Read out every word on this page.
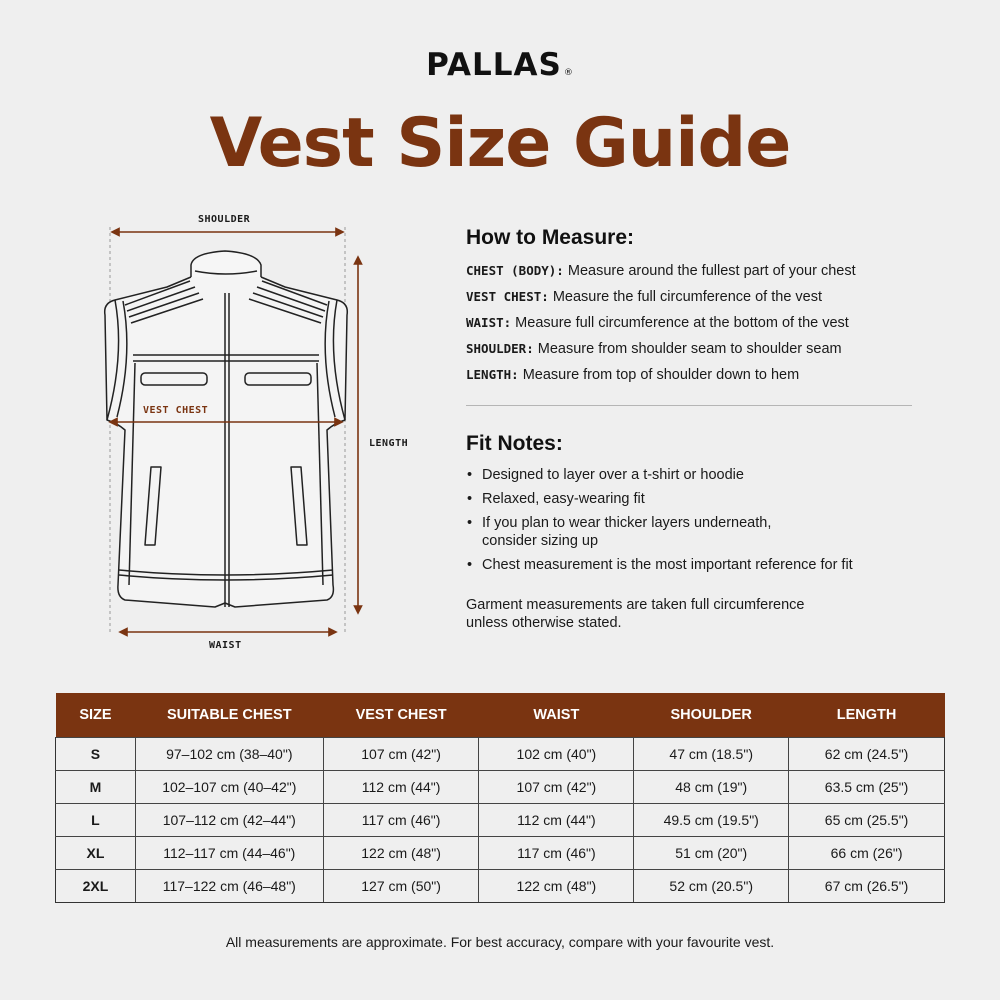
PALLAS ®
Vest Size Guide
SHOULDER
VEST CHEST
LENGTH
WAIST
How to Measure:
CHEST (BODY): Measure around the fullest part of your chest
VEST CHEST: Measure the full circumference of the vest
WAIST: Measure full circumference at the bottom of the vest
SHOULDER: Measure from shoulder seam to shoulder seam
LENGTH: Measure from top of shoulder down to hem
Fit Notes:
• Designed to layer over a t-shirt or hoodie
• Relaxed, easy-wearing fit
• If you plan to wear thicker layers underneath,
consider sizing up
• Chest measurement is the most important reference for fit
Garment measurements are taken full circumference
unless otherwise stated.
SIZE	SUITABLE CHEST	VEST CHEST	WAIST	SHOULDER	LENGTH
S	97–102 cm (38–40")	107 cm (42")	102 cm (40")	47 cm (18.5")	62 cm (24.5")
M	102–107 cm (40–42")	112 cm (44")	107 cm (42")	48 cm (19")	63.5 cm (25")
L	107–112 cm (42–44")	117 cm (46")	112 cm (44")	49.5 cm (19.5")	65 cm (25.5")
XL	112–117 cm (44–46")	122 cm (48")	117 cm (46")	51 cm (20")	66 cm (26")
2XL	117–122 cm (46–48")	127 cm (50")	122 cm (48")	52 cm (20.5")	67 cm (26.5")
All measurements are approximate. For best accuracy, compare with your favourite vest.
